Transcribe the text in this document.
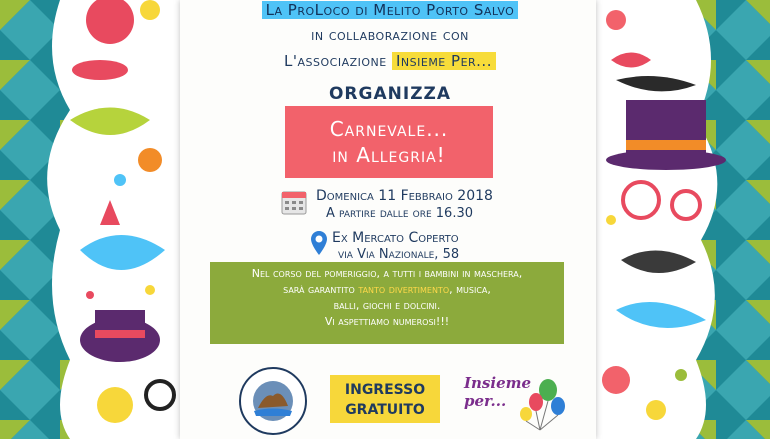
La ProLoco di Melito Porto Salvo
in collaborazione con
L'associazione Insieme Per...
ORGANIZZA
Carnevale...
in Allegria!
Domenica 11 Febbraio 2018
A partire dalle ore 16.30
Ex Mercato Coperto
via Via Nazionale, 58
Nel corso del pomeriggio, a tutti i bambini in maschera,
sarà garantito tanto divertimento, musica,
balli, giochi e dolcini.
Vi aspettiamo numerosi!!!
INGRESSO
GRATUITO
Insieme
per...
